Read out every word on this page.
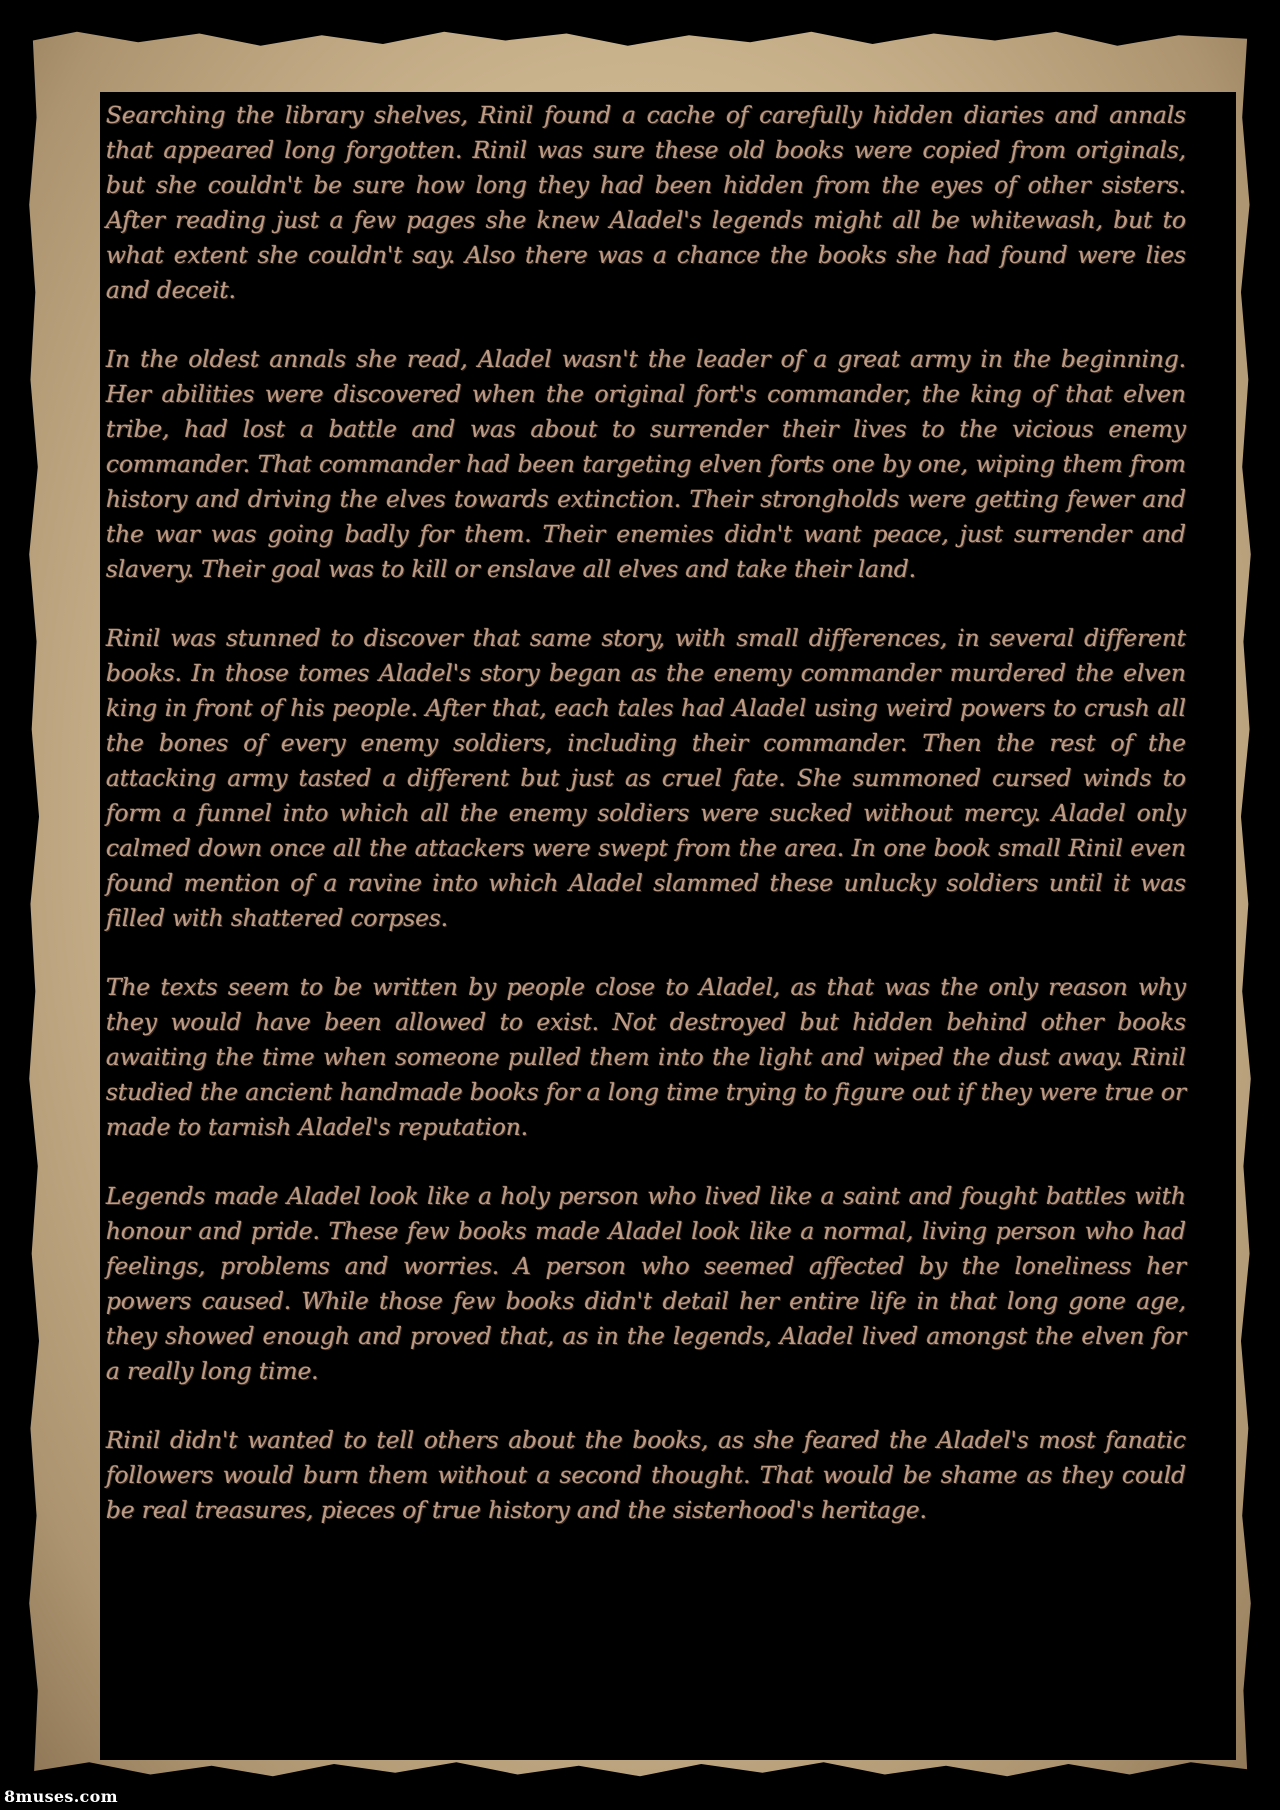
Searching the library shelves, Rinil found a cache of carefully hidden diaries and annals that appeared long forgotten. Rinil was sure these old books were copied from originals, but she couldn't be sure how long they had been hidden from the eyes of other sisters. After reading just a few pages she knew Aladel's legends might all be whitewash, but to what extent she couldn't say. Also there was a chance the books she had found were lies and deceit.

In the oldest annals she read, Aladel wasn't the leader of a great army in the beginning. Her abilities were discovered when the original fort's commander, the king of that elven tribe, had lost a battle and was about to surrender their lives to the vicious enemy commander. That commander had been targeting elven forts one by one, wiping them from history and driving the elves towards extinction. Their strongholds were getting fewer and the war was going badly for them. Their enemies didn't want peace, just surrender and slavery. Their goal was to kill or enslave all elves and take their land.

Rinil was stunned to discover that same story, with small differences, in several different books. In those tomes Aladel's story began as the enemy commander murdered the elven king in front of his people. After that, each tales had Aladel using weird powers to crush all the bones of every enemy soldiers, including their commander. Then the rest of the attacking army tasted a different but just as cruel fate. She summoned cursed winds to form a funnel into which all the enemy soldiers were sucked without mercy. Aladel only calmed down once all the attackers were swept from the area. In one book small Rinil even found mention of a ravine into which Aladel slammed these unlucky soldiers until it was filled with shattered corpses.

The texts seem to be written by people close to Aladel, as that was the only reason why they would have been allowed to exist. Not destroyed but hidden behind other books awaiting the time when someone pulled them into the light and wiped the dust away. Rinil studied the ancient handmade books for a long time trying to figure out if they were true or made to tarnish Aladel's reputation.

Legends made Aladel look like a holy person who lived like a saint and fought battles with honour and pride. These few books made Aladel look like a normal, living person who had feelings, problems and worries. A person who seemed affected by the loneliness her powers caused. While those few books didn't detail her entire life in that long gone age, they showed enough and proved that, as in the legends, Aladel lived amongst the elven for a really long time.

Rinil didn't wanted to tell others about the books, as she feared the Aladel's most fanatic followers would burn them without a second thought. That would be shame as they could be real treasures, pieces of true history and the sisterhood's heritage.

8muses.com
